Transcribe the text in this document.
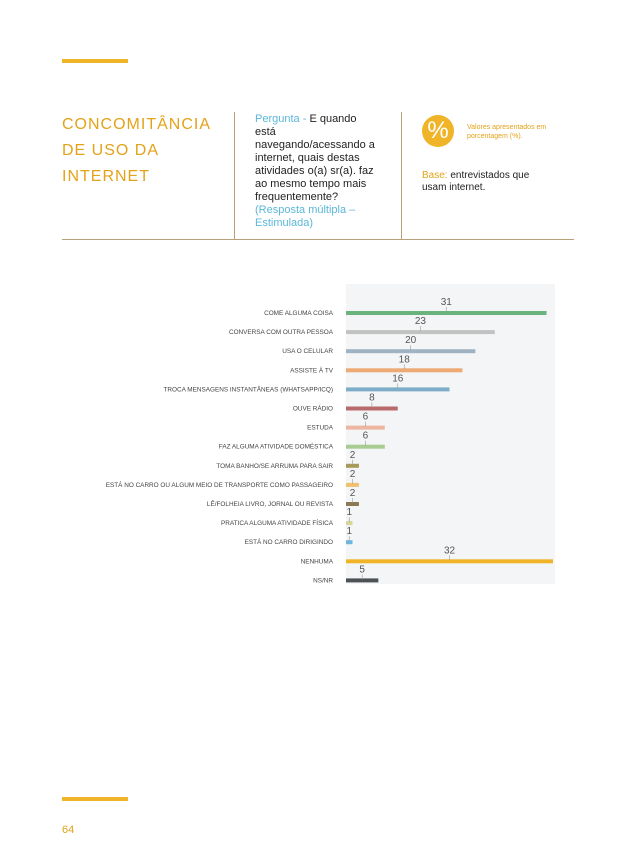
CONCOMITÂNCIA DE USO DA INTERNET
Pergunta - E quando está navegando/acessando a internet, quais destas atividades o(a) sr(a). faz ao mesmo tempo mais frequentemente? (Resposta múltipla – Estimulada)
%	Valores apresentados em porcentagem (%).
Base: entrevistados que usam internet.
COME ALGUMA COISA
31
CONVERSA COM OUTRA PESSOA
23
USA O CELULAR
20
ASSISTE À TV
18
TROCA MENSAGENS INSTANTÂNEAS (WHATSAPP/ICQ)
16
OUVE RÁDIO
8
ESTUDA
6
FAZ ALGUMA ATIVIDADE DOMÉSTICA
6
TOMA BANHO/SE ARRUMA PARA SAIR
2
ESTÁ NO CARRO OU ALGUM MEIO DE TRANSPORTE COMO PASSAGEIRO
2
LÊ/FOLHEIA LIVRO, JORNAL OU REVISTA
2
PRATICA ALGUMA ATIVIDADE FÍSICA
1
ESTÁ NO CARRO DIRIGINDO
1
NENHUMA
32
NS/NR
5
64
